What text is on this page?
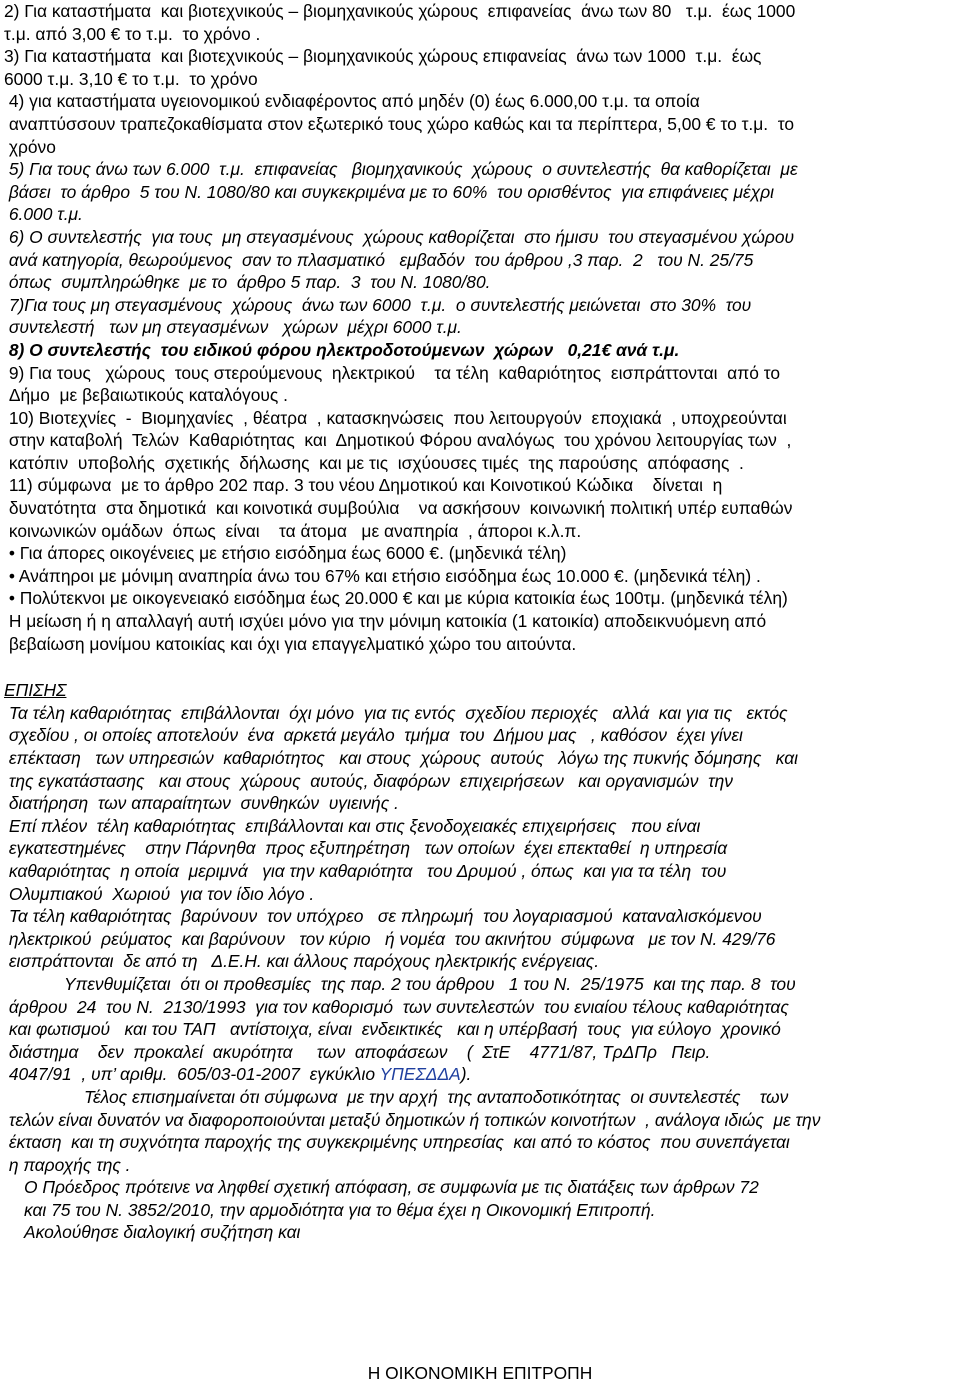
2) Για καταστήματα  και βιοτεχνικούς – βιομηχανικούς χώρους  επιφανείας  άνω των 80   τ.μ.  έως 1000

τ.μ. από 3,00 € το τ.μ.  το χρόνο .

3) Για καταστήματα  και βιοτεχνικούς – βιομηχανικούς χώρους επιφανείας  άνω των 1000  τ.μ.  έως

6000 τ.μ. 3,10 € το τ.μ.  το χρόνο

4) για καταστήματα υγειονομικού ενδιαφέροντος από μηδέν (0) έως 6.000,00 τ.μ. τα οποία

αναπτύσσουν τραπεζοκαθίσματα στον εξωτερικό τους χώρο καθώς και τα περίπτερα, 5,00 € το τ.μ.  το

χρόνο

5) Για τους άνω των 6.000  τ.μ.  επιφανείας   βιομηχανικούς  χώρους  ο συντελεστής  θα καθορίζεται  με

βάσει  το άρθρο  5 του Ν. 1080/80 και συγκεκριμένα με το 60%  του ορισθέντος  για επιφάνειες μέχρι

6.000 τ.μ.

6) Ο συντελεστής  για τους  μη στεγασμένους  χώρους καθορίζεται  στο ήμισυ  του στεγασμένου χώρου

ανά κατηγορία, θεωρούμενος  σαν το πλασματικό   εμβαδόν  του άρθρου ,3 παρ.  2   του Ν. 25/75

όπως  συμπληρώθηκε  με το  άρθρο 5 παρ.  3  του Ν. 1080/80.

7)Για τους μη στεγασμένους  χώρους  άνω των 6000  τ.μ.  ο συντελεστής μειώνεται  στο 30%  του

συντελεστή   των μη στεγασμένων   χώρων  μέχρι 6000 τ.μ.

8) Ο συντελεστής  του ειδικού φόρου ηλεκτροδοτούμενων  χώρων   0,21€ ανά τ.μ.

9) Για τους   χώρους  τους στερούμενους  ηλεκτρικού    τα τέλη  καθαριότητος  εισπράττονται  από το

Δήμο  με βεβαιωτικούς καταλόγους .

10) Βιοτεχνίες  -  Βιομηχανίες  , θέατρα  , κατασκηνώσεις  που λειτουργούν  εποχιακά  , υποχρεούνται

στην καταβολή  Τελών  Καθαριότητας  και  Δημοτικού Φόρου αναλόγως  του χρόνου λειτουργίας των  ,

κατόπιν  υποβολής  σχετικής  δήλωσης  και με τις  ισχύουσες τιμές  της παρούσης  απόφασης  .

11) σύμφωνα  με το άρθρο 202 παρ. 3 του νέου Δημοτικού και Κοινοτικού Κώδικα    δίνεται  η

δυνατότητα  στα δημοτικά  και κοινοτικά συμβούλια    να ασκήσουν  κοινωνική πολιτική υπέρ ευπαθών

κοινωνικών ομάδων  όπως  είναι    τα άτομα   με αναπηρία  , άποροι κ.λ.π.

• Για άπορες οικογένειες με ετήσιο εισόδημα έως 6000 €. (μηδενικά τέλη)

• Ανάπηροι με μόνιμη αναπηρία άνω του 67% και ετήσιο εισόδημα έως 10.000 €. (μηδενικά τέλη) .

• Πολύτεκνοι με οικογενειακό εισόδημα έως 20.000 € και με κύρια κατοικία έως 100τμ. (μηδενικά τέλη)

Η μείωση ή η απαλλαγή αυτή ισχύει μόνο για την μόνιμη κατοικία (1 κατοικία) αποδεικνυόμενη από

βεβαίωση μονίμου κατοικίας και όχι για επαγγελματικό χώρο του αιτούντα.

ΕΠΙΣΗΣ

Τα τέλη καθαριότητας  επιβάλλονται  όχι μόνο  για τις εντός  σχεδίου περιοχές   αλλά  και για τις   εκτός

σχεδίου , οι οποίες αποτελούν  ένα  αρκετά μεγάλο  τμήμα  του  Δήμου μας   , καθόσον  έχει γίνει

επέκταση   των υπηρεσιών  καθαριότητος   και στους  χώρους  αυτούς   λόγω της πυκνής δόμησης   και

της εγκατάστασης   και στους  χώρους  αυτούς, διαφόρων  επιχειρήσεων   και οργανισμών  την

διατήρηση  των απαραίτητων  συνθηκών  υγιεινής .

Επί πλέον  τέλη καθαριότητας  επιβάλλονται και στις ξενοδοχειακές επιχειρήσεις   που είναι

εγκατεστημένες    στην Πάρνηθα  προς εξυπηρέτηση   των οποίων  έχει επεκταθεί  η υπηρεσία

καθαριότητας  η οποία  μεριμνά   για την καθαριότητα   του Δρυμού , όπως  και για τα τέλη  του

Ολυμπιακού  Χωριού  για τον ίδιο λόγο .

Τα τέλη καθαριότητας  βαρύνουν  τον υπόχρεο   σε πληρωμή  του λογαριασμού  καταναλισκόμενου

ηλεκτρικού  ρεύματος  και βαρύνουν   τον κύριο   ή νομέα  του ακινήτου  σύμφωνα   με τον Ν. 429/76

εισπράττονται  δε από τη   Δ.Ε.Η. και άλλους παρόχους ηλεκτρικής ενέργειας.

Υπενθυμίζεται  ότι οι προθεσμίες  της παρ. 2 του άρθρου   1 του Ν.  25/1975  και της παρ. 8  του

άρθρου  24  του Ν.  2130/1993  για τον καθορισμό  των συντελεστών  του ενιαίου τέλους καθαριότητας

και φωτισμού   και του ΤΑΠ   αντίστοιχα, είναι  ενδεικτικές   και η υπέρβασή  τους  για εύλογο  χρονικό

διάστημα    δεν  προκαλεί  ακυρότητα     των  αποφάσεων    (  ΣτΕ    4771/87, ΤρΔΠρ   Πειρ.

4047/91  , υπ’ αριθμ.  605/03-01-2007  εγκύκλιο ΥΠΕΣΔΔΑ).

Τέλος επισημαίνεται ότι σύμφωνα  με την αρχή  της ανταποδοτικότητας  οι συντελεστές    των

τελών είναι δυνατόν να διαφοροποιούνται μεταξύ δημοτικών ή τοπικών κοινοτήτων  , ανάλογα ιδιώς  με την

έκταση  και τη συχνότητα παροχής της συγκεκριμένης υπηρεσίας  και από το κόστος  που συνεπάγεται

η παροχής της .

Ο Πρόεδρος πρότεινε να ληφθεί σχετική απόφαση, σε συμφωνία με τις διατάξεις των άρθρων 72

και 75 του Ν. 3852/2010, την αρμοδιότητα για το θέμα έχει η Οικονομική Επιτροπή.

Ακολούθησε διαλογική συζήτηση και

Η ΟΙΚΟΝΟΜΙΚΗ ΕΠΙΤΡΟΠΗ
